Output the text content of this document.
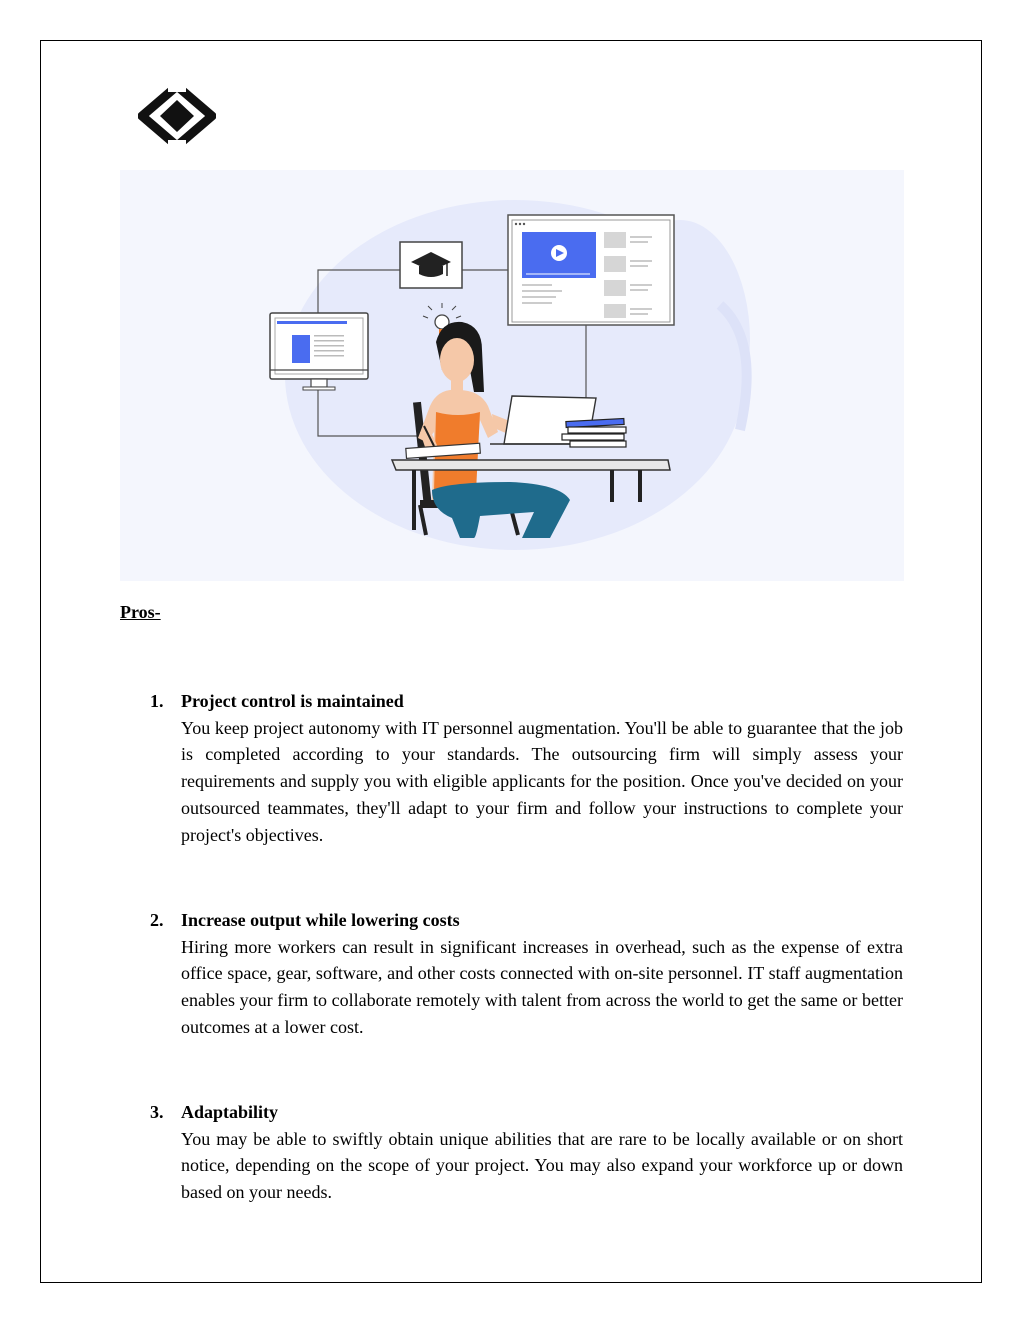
Pros-
1. Project control is maintained
You keep project autonomy with IT personnel augmentation. You'll be able to guarantee that the job is completed according to your standards. The outsourcing firm will simply assess your requirements and supply you with eligible applicants for the position. Once you've decided on your outsourced teammates, they'll adapt to your firm and follow your instructions to complete your project's objectives.
2. Increase output while lowering costs
Hiring more workers can result in significant increases in overhead, such as the expense of extra office space, gear, software, and other costs connected with on-site personnel. IT staff augmentation enables your firm to collaborate remotely with talent from across the world to get the same or better outcomes at a lower cost.
3. Adaptability
You may be able to swiftly obtain unique abilities that are rare to be locally available or on short notice, depending on the scope of your project. You may also expand your workforce up or down based on your needs.
